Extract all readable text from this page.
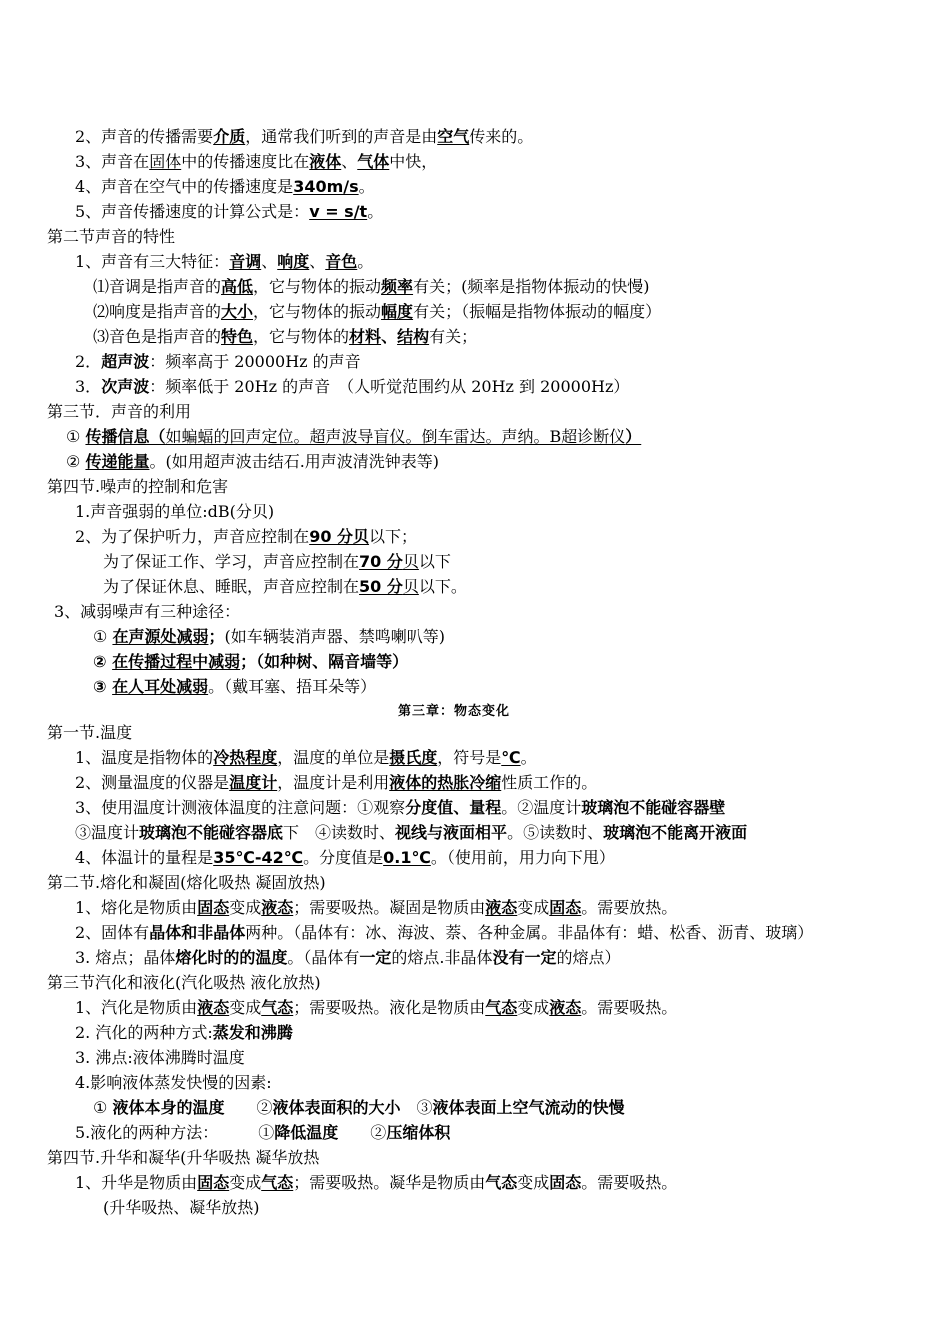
2、声音的传播需要介质，通常我们听到的声音是由空气传来的。
3、声音在固体中的传播速度比在液体、气体中快，
4、声音在空气中的传播速度是340m/s。
5、声音传播速度的计算公式是：v = s/t。
第二节声音的特性
1、声音有三大特征：音调、响度、音色。
⑴音调是指声音的高低，它与物体的振动频率有关；(频率是指物体振动的快慢)
⑵响度是指声音的大小，它与物体的振动幅度有关；（振幅是指物体振动的幅度）
⑶音色是指声音的特色，它与物体的材料、结构有关；
2．超声波：频率高于 20000Hz 的声音
3．次声波：频率低于 20Hz 的声音　（人听觉范围约从 20Hz 到 20000Hz）
第三节．声音的利用
① 传播信息（如蝙蝠的回声定位。超声波导盲仪。倒车雷达。声纳。B超诊断仪）
② 传递能量。(如用超声波击结石.用声波清洗钟表等)
第四节.噪声的控制和危害
1.声音强弱的单位:dB(分贝)
2、为了保护听力，声音应控制在90 分贝以下；
为了保证工作、学习，声音应控制在70 分贝以下
为了保证休息、睡眠，声音应控制在50 分贝以下。
3、减弱噪声有三种途径：
① 在声源处减弱；(如车辆装消声器、禁鸣喇叭等)
② 在传播过程中减弱；（如种树、隔音墙等）
③ 在人耳处减弱。（戴耳塞、捂耳朵等）
第三章：物态变化
第一节.温度
1、温度是指物体的冷热程度，温度的单位是摄氏度，符号是℃。
2、测量温度的仪器是温度计，温度计是利用液体的热胀冷缩性质工作的。
3、使用温度计测液体温度的注意问题：①观察分度值、量程。②温度计玻璃泡不能碰容器壁
③温度计玻璃泡不能碰容器底下　④读数时、视线与液面相平。⑤读数时、玻璃泡不能离开液面
4、体温计的量程是35℃-42℃。分度值是0.1℃。（使用前，用力向下甩）
第二节.熔化和凝固(熔化吸热 凝固放热)
1、熔化是物质由固态变成液态；需要吸热。凝固是物质由液态变成固态。需要放热。
2、固体有晶体和非晶体两种。（晶体有：冰、海波、萘、各种金属。非晶体有：蜡、松香、沥青、玻璃）
3. 熔点；晶体熔化时的的温度。（晶体有一定的熔点.非晶体没有一定的熔点）
第三节汽化和液化(汽化吸热 液化放热)
1、汽化是物质由液态变成气态；需要吸热。液化是物质由气态变成液态。需要吸热。
2. 汽化的两种方式:蒸发和沸腾
3. 沸点:液体沸腾时温度
4.影响液体蒸发快慢的因素:
① 液体本身的温度　　②液体表面积的大小　③液体表面上空气流动的快慢
5.液化的两种方法：　　　①降低温度　　②压缩体积
第四节.升华和凝华(升华吸热 凝华放热
1、升华是物质由固态变成气态；需要吸热。凝华是物质由气态变成固态。需要吸热。
(升华吸热、凝华放热)
